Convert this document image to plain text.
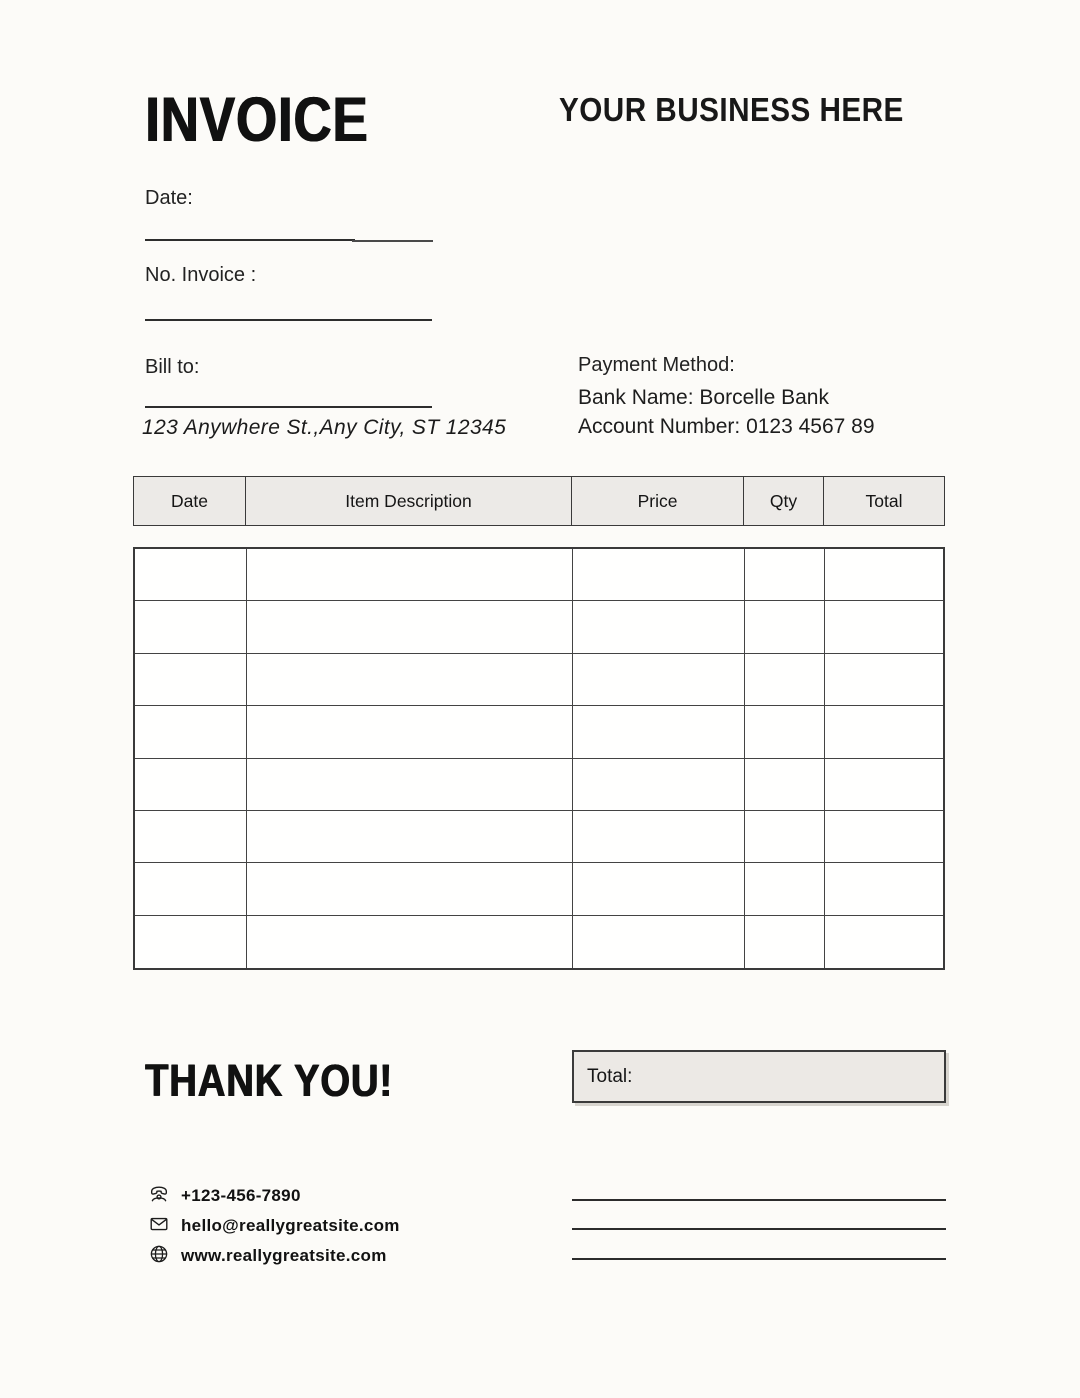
INVOICE	YOUR BUSINESS HERE
Date:
No. Invoice :
Bill to:
123 Anywhere St.,Any City, ST 12345
Payment Method:
Bank Name: Borcelle Bank
Account Number: 0123 4567 89
Date	Item Description	Price	Qty	Total
THANK YOU!	Total:
+123-456-7890
hello@reallygreatsite.com
www.reallygreatsite.com
